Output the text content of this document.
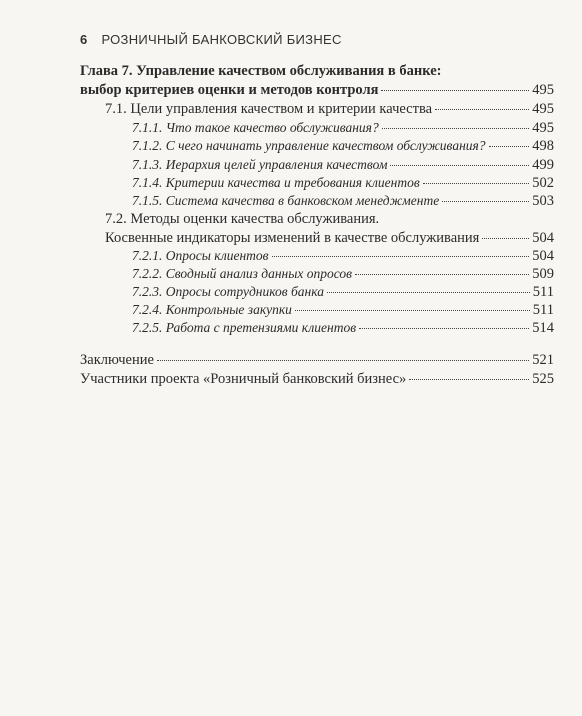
6 РОЗНИЧНЫЙ БАНКОВСКИЙ БИЗНЕС
Глава 7. Управление качеством обслуживания в банке:
выбор критериев оценки и методов контроля	495
7.1. Цели управления качеством и критерии качества	495
7.1.1. Что такое качество обслуживания?	495
7.1.2. С чего начинать управление качеством обслуживания?	498
7.1.3. Иерархия целей управления качеством	499
7.1.4. Критерии качества и требования клиентов	502
7.1.5. Система качества в банковском менеджменте	503
7.2. Методы оценки качества обслуживания.
Косвенные индикаторы изменений в качестве обслуживания	504
7.2.1. Опросы клиентов	504
7.2.2. Сводный анализ данных опросов	509
7.2.3. Опросы сотрудников банка	511
7.2.4. Контрольные закупки	511
7.2.5. Работа с претензиями клиентов	514
Заключение	521
Участники проекта «Розничный банковский бизнес»	525
